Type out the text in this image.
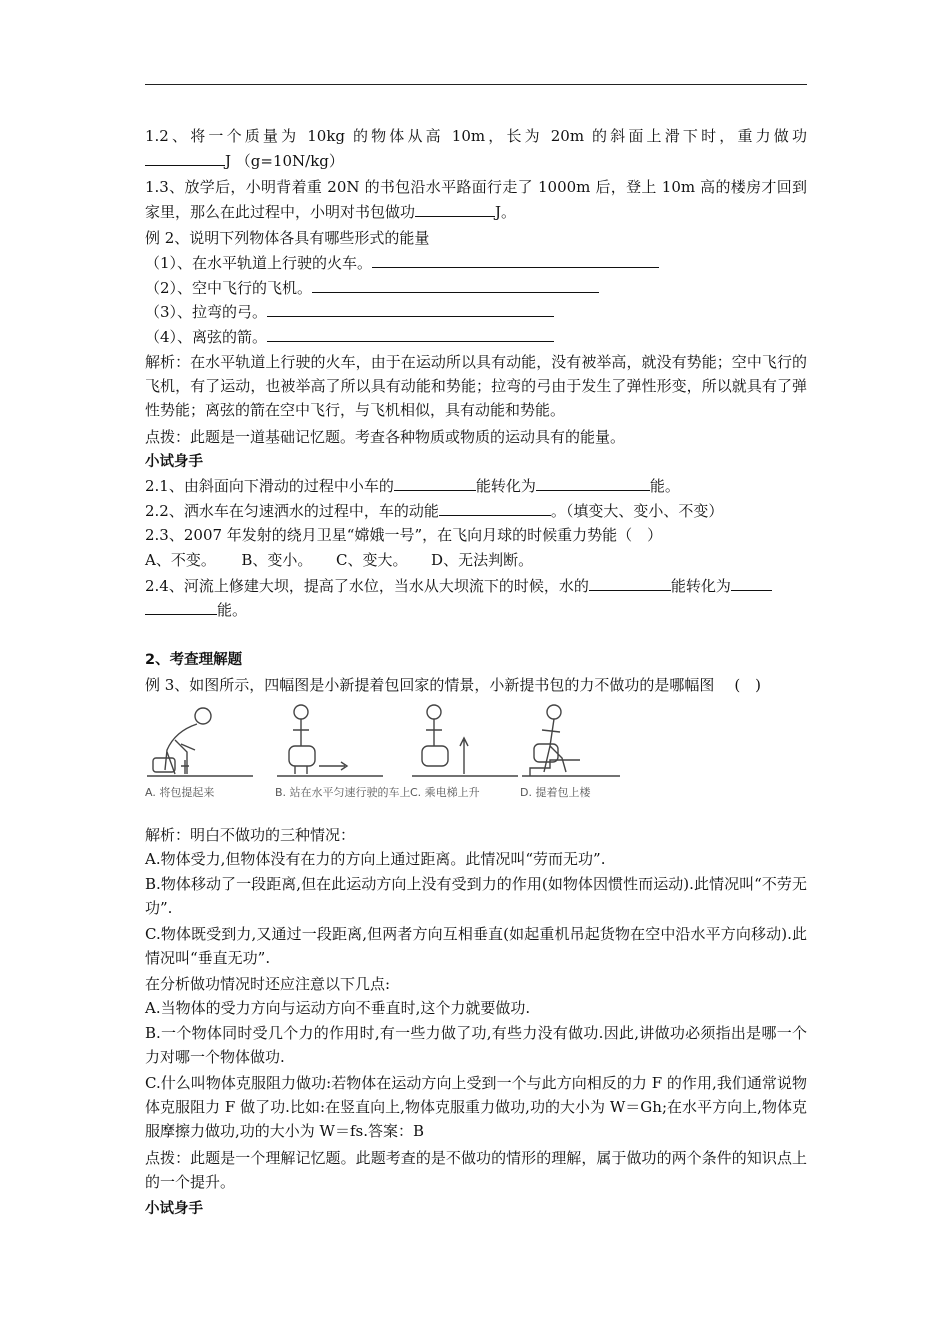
1.2、将一个质量为 10kg 的物体从高 10m，长为 20m 的斜面上滑下时，重力做功
J （g=10N/kg）
1.3、放学后，小明背着重 20N 的书包沿水平路面行走了 1000m 后，登上 10m 高的楼房才回到
家里，那么在此过程中，小明对书包做功	J。
例 2、说明下列物体各具有哪些形式的能量
（1）、在水平轨道上行驶的火车。
（2）、空中飞行的飞机。
（3）、拉弯的弓。
（4）、离弦的箭。
解析：在水平轨道上行驶的火车，由于在运动所以具有动能，没有被举高，就没有势能；空中飞行的飞机，有了运动，也被举高了所以具有动能和势能；拉弯的弓由于发生了弹性形变，所以就具有了弹性势能；离弦的箭在空中飞行，与飞机相似，具有动能和势能。
点拨：此题是一道基础记忆题。考查各种物质或物质的运动具有的能量。
小试身手
2.1、由斜面向下滑动的过程中小车的	能转化为	能。
2.2、洒水车在匀速洒水的过程中，车的动能	。（填变大、变小、不变）
2.3、2007 年发射的绕月卫星“嫦娥一号”，在飞向月球的时候重力势能（　）
A、不变。 B、变小。 C、变大。 D、无法判断。
2.4、河流上修建大坝，提高了水位，当水从大坝流下的时候，水的	能转化为
能。
2、考查理解题
例 3、如图所示，四幅图是小新提着包回家的情景，小新提书包的力不做功的是哪幅图 (　)
A. 将包提起来	B. 站在水平匀速行驶的车上 C. 乘电梯上升	D. 提着包上楼
解析：明白不做功的三种情况：
A.物体受力,但物体没有在力的方向上通过距离。此情况叫“劳而无功”.
B.物体移动了一段距离,但在此运动方向上没有受到力的作用(如物体因惯性而运动).此情况叫“不劳无功”.
C.物体既受到力,又通过一段距离,但两者方向互相垂直(如起重机吊起货物在空中沿水平方向移动).此情况叫“垂直无功”.
在分析做功情况时还应注意以下几点:
A.当物体的受力方向与运动方向不垂直时,这个力就要做功.
B.一个物体同时受几个力的作用时,有一些力做了功,有些力没有做功.因此,讲做功必须指出是哪一个力对哪一个物体做功.
C.什么叫物体克服阻力做功:若物体在运动方向上受到一个与此方向相反的力 F 的作用,我们通常说物体克服阻力 F 做了功.比如:在竖直向上,物体克服重力做功,功的大小为 W＝Gh;在水平方向上,物体克服摩擦力做功,功的大小为 W＝fs.答案：B
点拨：此题是一个理解记忆题。此题考查的是不做功的情形的理解，属于做功的两个条件的知识点上的一个提升。
小试身手
